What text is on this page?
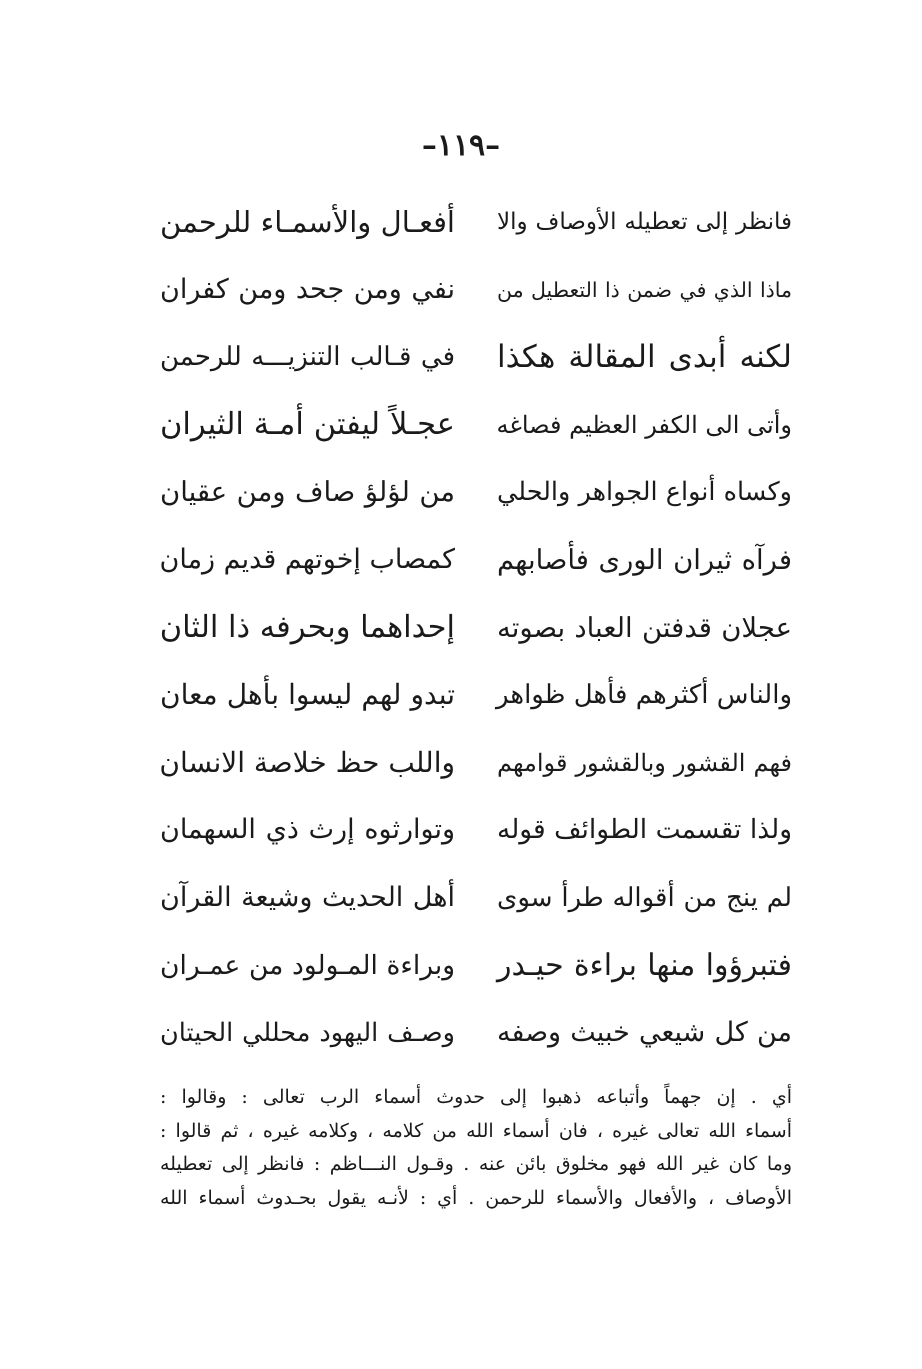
–١١٩–
فانظر إلى تعطيله الأوصاف والا
أفعـال والأسمـاء للرحمن
ماذا الذي في ضمن ذا التعطيل من
نفي ومن جحد ومن كفران
لكنه أبدى المقالة هكذا
في قـالب التنزيـــه للرحمن
وأتى الى الكفر العظيم فصاغه
عجـلاً ليفتن أمـة الثيران
وكساه أنواع الجواهر والحلي
من لؤلؤ صاف ومن عقيان
فرآه ثيران الورى فأصابهم
كمصاب إخوتهم قديم زمان
عجلان قدفتن العباد بصوته
إحداهما وبحرفه ذا الثان
والناس أكثرهم فأهل ظواهر
تبدو لهم ليسوا بأهل معان
فهم القشور وبالقشور قوامهم
واللب حظ خلاصة الانسان
ولذا تقسمت الطوائف قوله
وتوارثوه إرث ذي السهمان
لم ينج من أقواله طرأ سوى
أهل الحديث وشيعة القرآن
فتبرؤوا منها براءة حيـدر
وبراءة المـولود من عمـران
من كل شيعي خبيث وصفه
وصـف اليهود محللي الحيتان
أي . إن جهماً وأتباعه ذهبوا إلى حدوث أسماء الرب تعالى : وقالوا :
أسماء الله تعالى غيره ، فان أسماء الله من كلامه ، وكلامه غيره ، ثم قالوا :
وما كان غير الله فهو مخلوق بائن عنه . وقـول النـــاظم : فانظر إلى تعطيله
الأوصاف ، والأفعال والأسماء للرحمن . أي : لأنـه يقول بحـدوث أسماء الله
